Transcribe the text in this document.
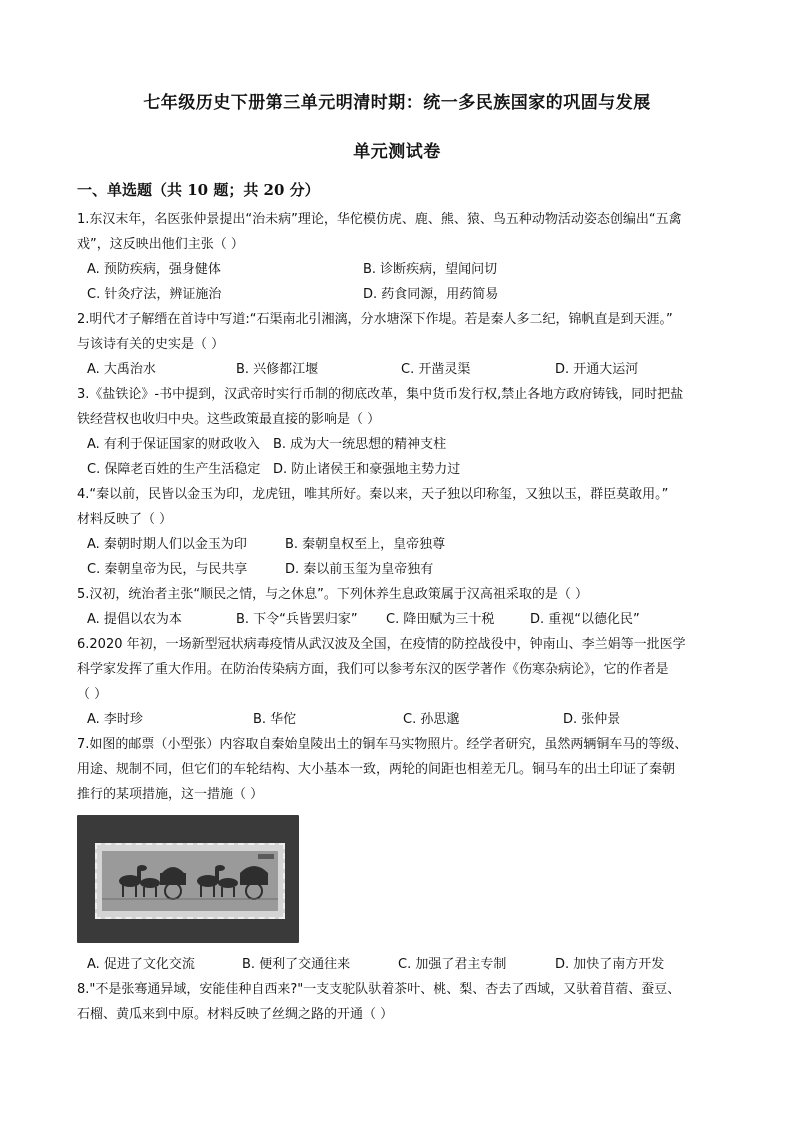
七年级历史下册第三单元明清时期：统一多民族国家的巩固与发展
单元测试卷
一、单选题（共 10 题；共 20 分）
1.东汉末年，名医张仲景提出“治未病”理论，华佗模仿虎、鹿、熊、猿、鸟五种动物活动姿态创编出“五禽
戏”，这反映出他们主张（ ）
A. 预防疾病，强身健体	B. 诊断疾病，望闻问切
C. 针灸疗法，辨证施治	D. 药食同源，用药简易
2.明代才子解缙在首诗中写道:“石渠南北引湘漓，分水塘深下作堤。若是秦人多二纪，锦帆直是到天涯。”
与该诗有关的史实是（ ）
A. 大禹治水	B. 兴修都江堰	C. 开凿灵渠	D. 开通大运河
3.《盐铁论》-书中提到，汉武帝时实行币制的彻底改革，集中货币发行权,禁止各地方政府铸钱，同时把盐
铁经营权也收归中央。这些政策最直接的影响是（ ）
A. 有利于保证国家的财政收入 B. 成为大一统思想的精神支柱
C. 保障老百姓的生产生活稳定 D. 防止诸侯王和豪强地主势力过
4.“秦以前，民皆以金玉为印，龙虎钮，唯其所好。秦以来，天子独以印称玺，又独以玉，群臣莫敢用。”
材料反映了（ ）
A. 秦朝时期人们以金玉为印	B. 秦朝皇权至上，皇帝独尊
C. 秦朝皇帝为民，与民共享	D. 秦以前玉玺为皇帝独有
5.汉初，统治者主张“顺民之情，与之休息”。下列休养生息政策属于汉高祖采取的是（ ）
A. 提倡以农为本	B. 下令“兵皆罢归家” C. 降田赋为三十税	D. 重视“以德化民”
6.2020 年初，一场新型冠状病毒疫情从武汉波及全国，在疫情的防控战役中，钟南山、李兰娟等一批医学
科学家发挥了重大作用。在防治传染病方面，我们可以参考东汉的医学著作《伤寒杂病论》，它的作者是
（ ）
A. 李时珍	B. 华佗	C. 孙思邈	D. 张仲景
7.如图的邮票（小型张）内容取自秦始皇陵出土的铜车马实物照片。经学者研究，虽然两辆铜车马的等级、
用途、规制不同，但它们的车轮结构、大小基本一致，两轮的间距也相差无几。铜马车的出土印证了秦朝
推行的某项措施，这一措施（ ）
A. 促进了文化交流	B. 便利了交通往来	C. 加强了君主专制	D. 加快了南方开发
8."不是张骞通异域，安能佳种自西来?"一支支驼队驮着茶叶、桃、梨、杏去了西域，又驮着苜蓿、蚕豆、
石榴、黄瓜来到中原。材料反映了丝绸之路的开通（ ）
